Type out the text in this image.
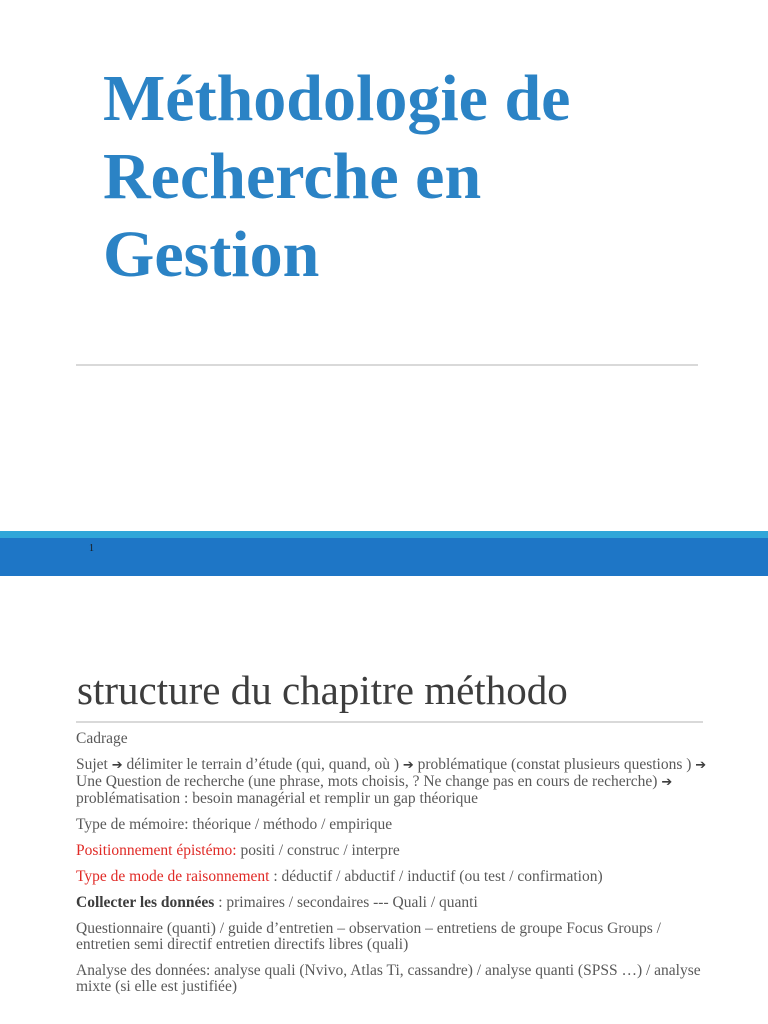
Méthodologie de
Recherche en
Gestion
1
structure du chapitre méthodo

Cadrage

Sujet ➔ délimiter le terrain d’étude (qui, quand, où ) ➔ problématique (constat plusieurs questions ) ➔ Une Question de recherche (une phrase, mots choisis, ? Ne change pas en cours de recherche) ➔ problématisation : besoin managérial et remplir un gap théorique

Type de mémoire: théorique / méthodo / empirique

Positionnement épistémo: positi / construc / interpre

Type de mode de raisonnement : déductif / abductif / inductif (ou test / confirmation)

Collecter les données : primaires / secondaires --- Quali / quanti

Questionnaire (quanti) / guide d’entretien – observation – entretiens de groupe Focus Groups / entretien semi directif entretien directifs libres (quali)

Analyse des données: analyse quali (Nvivo, Atlas Ti, cassandre) / analyse quanti (SPSS …) / analyse mixte (si elle est justifiée)
